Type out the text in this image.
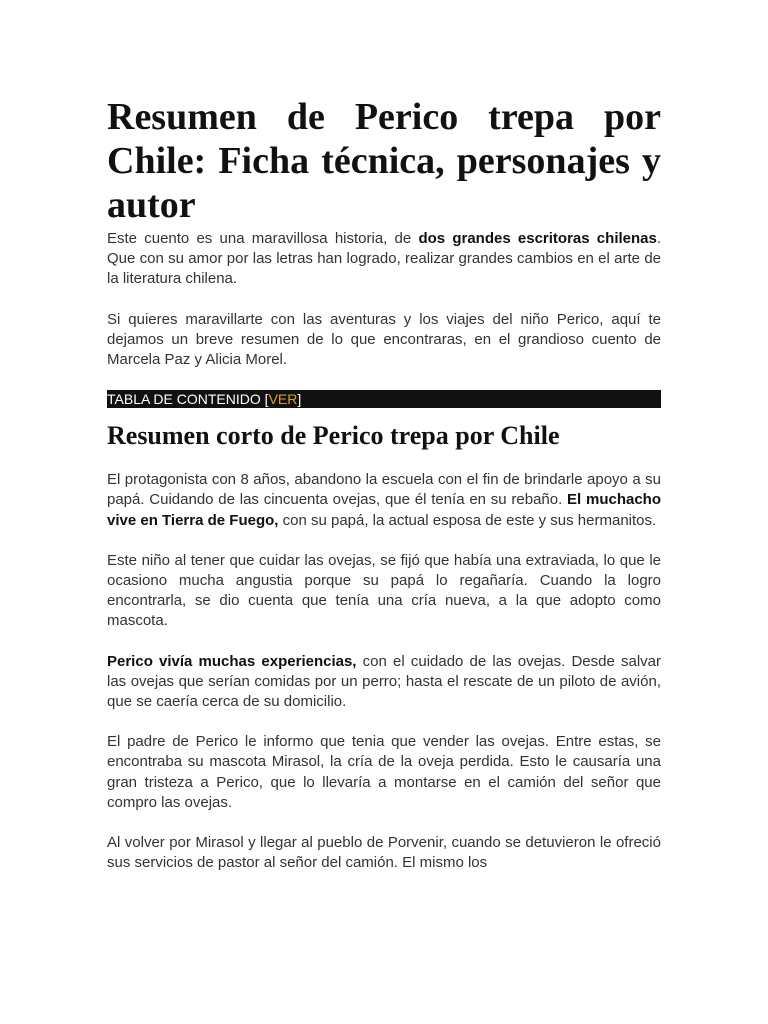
Resumen de Perico trepa por Chile: Ficha técnica, personajes y autor

Este cuento es una maravillosa historia, de dos grandes escritoras chilenas. Que con su amor por las letras han logrado, realizar grandes cambios en el arte de la literatura chilena.

Si quieres maravillarte con las aventuras y los viajes del niño Perico, aquí te dejamos un breve resumen de lo que encontraras, en el grandioso cuento de Marcela Paz y Alicia Morel.

TABLA DE CONTENIDO [VER]
Resumen corto de Perico trepa por Chile

El protagonista con 8 años, abandono la escuela con el fin de brindarle apoyo a su papá. Cuidando de las cincuenta ovejas, que él tenía en su rebaño. El muchacho vive en Tierra de Fuego, con su papá, la actual esposa de este y sus hermanitos.

Este niño al tener que cuidar las ovejas, se fijó que había una extraviada, lo que le ocasiono mucha angustia porque su papá lo regañaría. Cuando la logro encontrarla, se dio cuenta que tenía una cría nueva, a la que adopto como mascota.

Perico vivía muchas experiencias, con el cuidado de las ovejas. Desde salvar las ovejas que serían comidas por un perro; hasta el rescate de un piloto de avión, que se caería cerca de su domicilio.

El padre de Perico le informo que tenia que vender las ovejas. Entre estas, se encontraba su mascota Mirasol, la cría de la oveja perdida. Esto le causaría una gran tristeza a Perico, que lo llevaría a montarse en el camión del señor que compro las ovejas.

Al volver por Mirasol y llegar al pueblo de Porvenir, cuando se detuvieron le ofreció sus servicios de pastor al señor del camión. El mismo los
